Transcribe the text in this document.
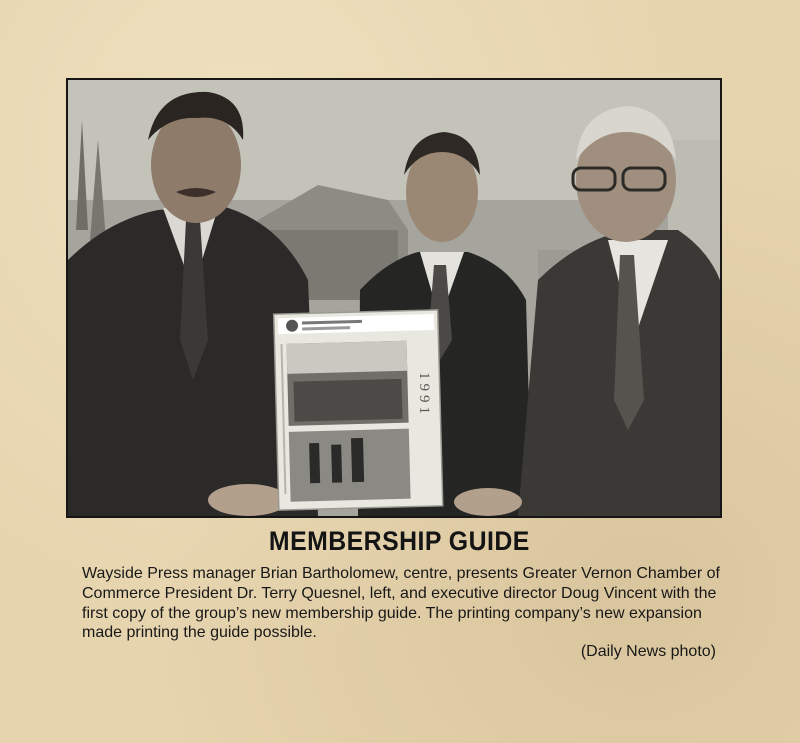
1991
MEMBERSHIP GUIDE
Wayside Press manager Brian Bartholomew, centre, presents Greater Vernon Chamber of Commerce President Dr. Terry Quesnel, left, and executive director Doug Vincent with the first copy of the group’s new membership guide. The printing company’s new expansion made printing the guide possible.
(Daily News photo)
